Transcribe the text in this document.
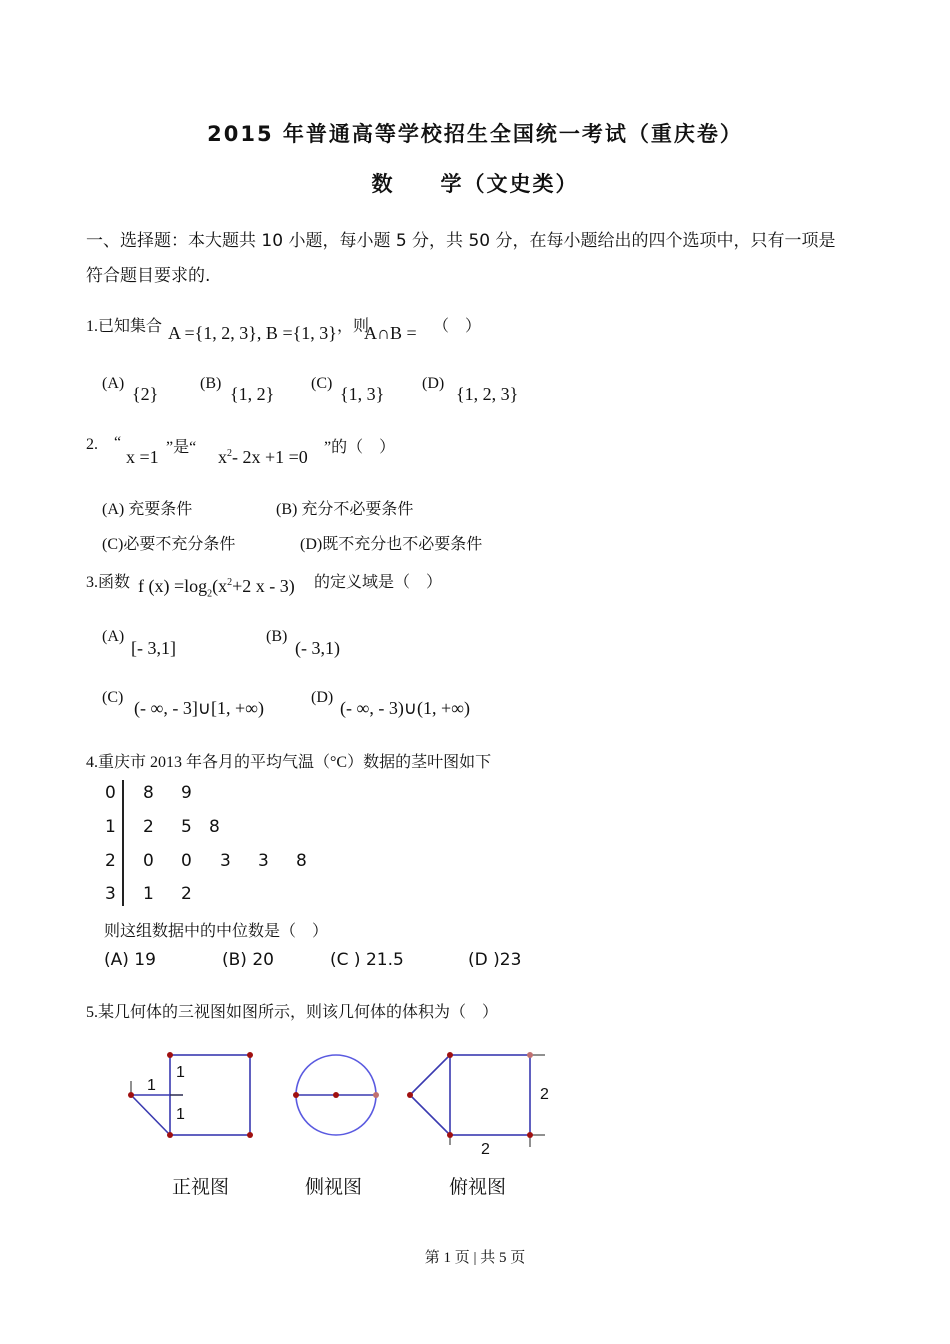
2015 年普通高等学校招生全国统一考试（重庆卷）
数　　学（文史类）
一、选择题：本大题共 10 小题，每小题 5 分，共 50 分，在每小题给出的四个选项中，只有一项是
符合题目要求的.
1.已知集合 A ={1, 2, 3}, B ={1, 3} ，则
A∩B = （　）
(A)
{2}
(B)
{1, 2}
(C)
{1, 3}
(D)
{1, 2, 3}
2. “
x =1 ”是“ $x^2-$ 2x +1 =0 ”的（　）
(A) 充要条件	(B) 充分不必要条件
(C)必要不充分条件	(D)既不充分也不必要条件
3.函数 f $(x) =\log_2(x^2+2$ x - 3) 的定义域是（　）
(A)
[- 3,1]
(B)
(- 3,1)
(C)
(- ∞, - 3]∪[1, +∞)
(D)
(- ∞, - 3)∪(1, +∞)
4.重庆市 2013 年各月的平均气温（°C）数据的茎叶图如下
0 8 9
1 2 5 8
2 0 0 3 3 8
3 1 2
则这组数据中的中位数是（　）
(A) 19	(B) 20	(C ) 21.5	(D )23
5.某几何体的三视图如图所示，则该几何体的体积为（　）
1
1
1
2
2
正视图	侧视图	俯视图
第 1 页 | 共 5 页
